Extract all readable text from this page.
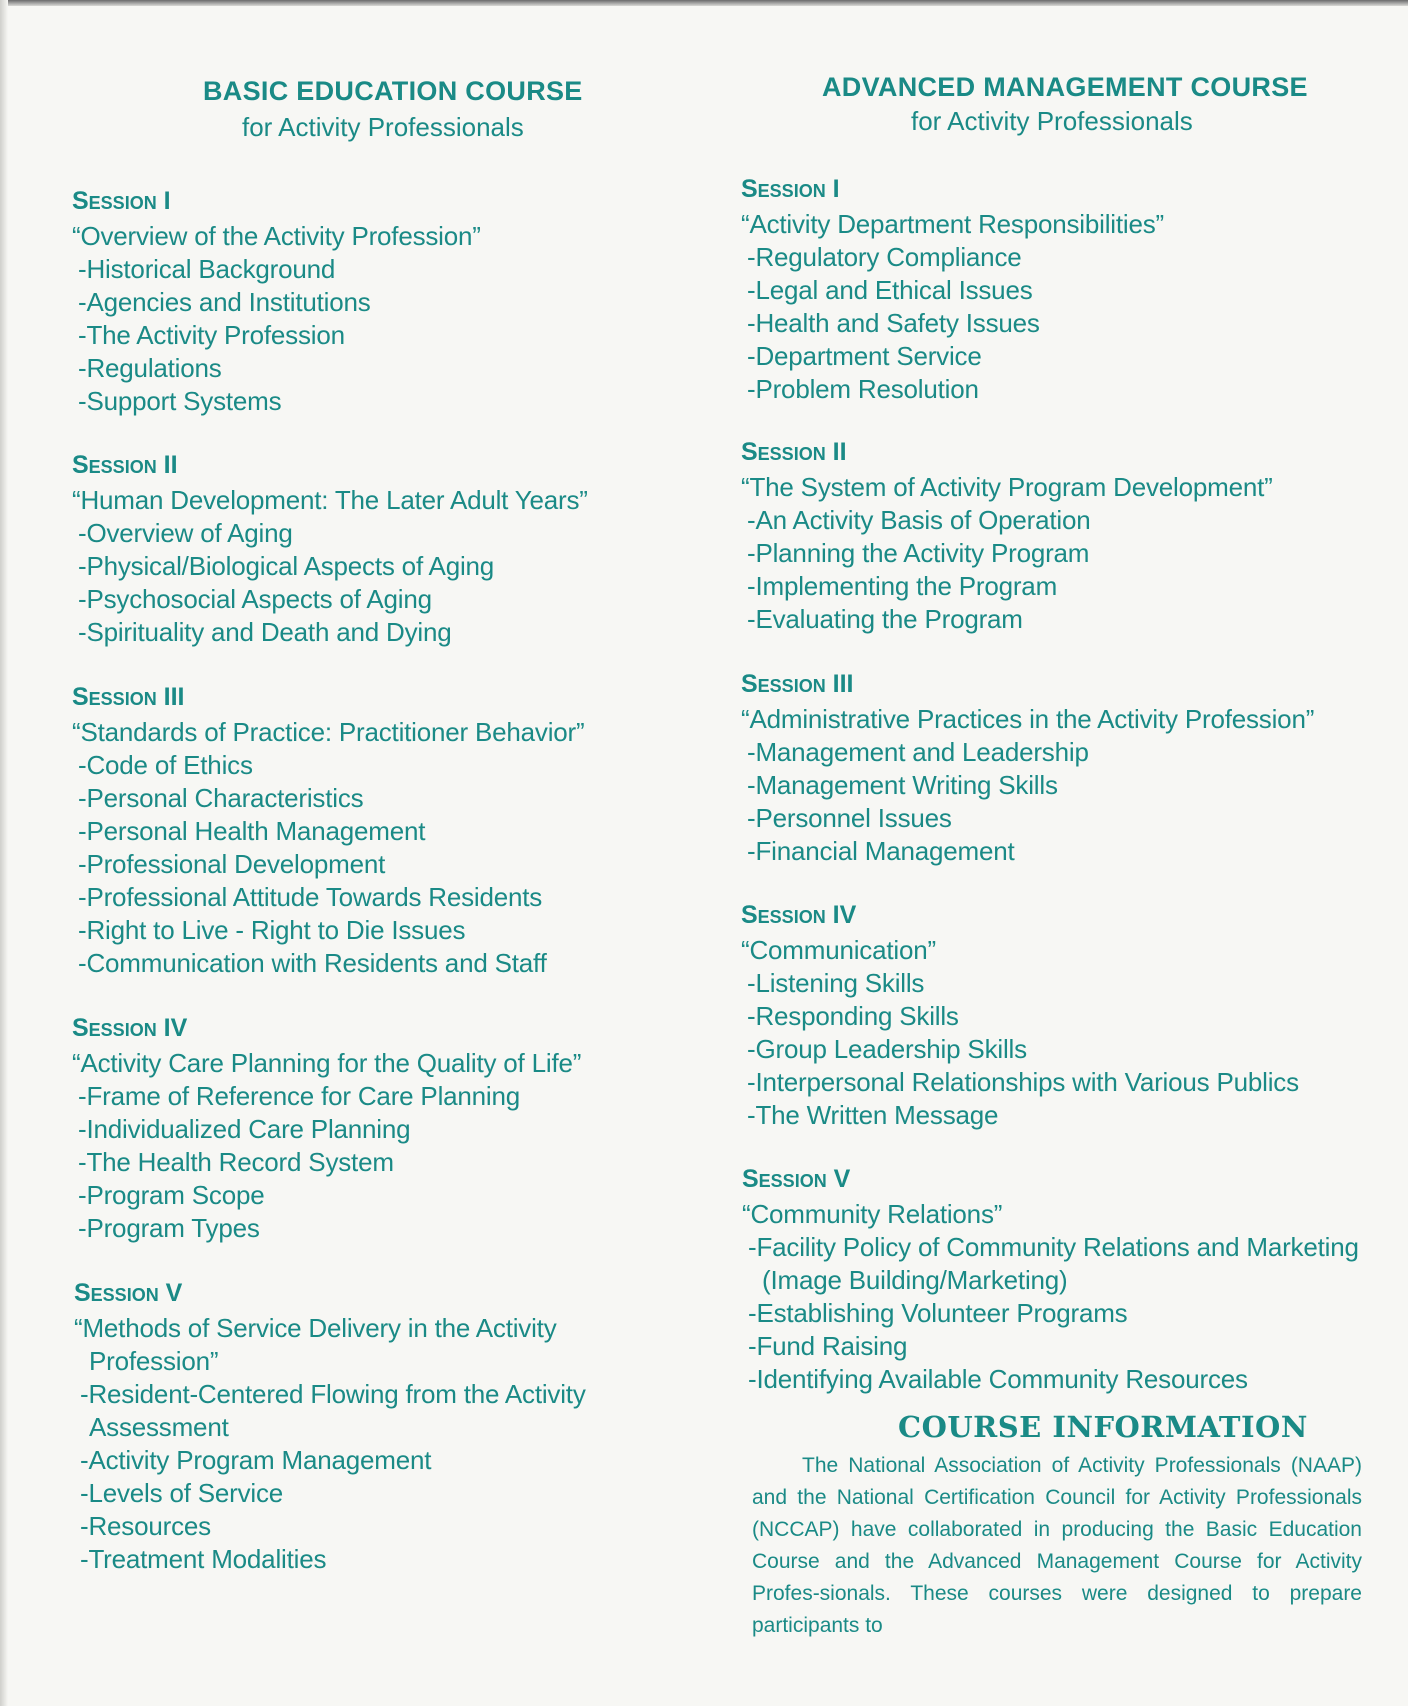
BASIC EDUCATION COURSE
for Activity Professionals
Session I
“Overview of the Activity Profession”
-Historical Background
-Agencies and Institutions
-The Activity Profession
-Regulations
-Support Systems
Session II
“Human Development: The Later Adult Years”
-Overview of Aging
-Physical/Biological Aspects of Aging
-Psychosocial Aspects of Aging
-Spirituality and Death and Dying
Session III
“Standards of Practice: Practitioner Behavior”
-Code of Ethics
-Personal Characteristics
-Personal Health Management
-Professional Development
-Professional Attitude Towards Residents
-Right to Live - Right to Die Issues
-Communication with Residents and Staff
Session IV
“Activity Care Planning for the Quality of Life”
-Frame of Reference for Care Planning
-Individualized Care Planning
-The Health Record System
-Program Scope
-Program Types
Session V
“Methods of Service Delivery in the Activity
Profession”
-Resident-Centered Flowing from the Activity
Assessment
-Activity Program Management
-Levels of Service
-Resources
-Treatment Modalities
ADVANCED MANAGEMENT COURSE
for Activity Professionals
Session I
“Activity Department Responsibilities”
-Regulatory Compliance
-Legal and Ethical Issues
-Health and Safety Issues
-Department Service
-Problem Resolution
Session II
“The System of Activity Program Development”
-An Activity Basis of Operation
-Planning the Activity Program
-Implementing the Program
-Evaluating the Program
Session III
“Administrative Practices in the Activity Profession”
-Management and Leadership
-Management Writing Skills
-Personnel Issues
-Financial Management
Session IV
“Communication”
-Listening Skills
-Responding Skills
-Group Leadership Skills
-Interpersonal Relationships with Various Publics
-The Written Message
Session V
“Community Relations”
-Facility Policy of Community Relations and Marketing
(Image Building/Marketing)
-Establishing Volunteer Programs
-Fund Raising
-Identifying Available Community Resources
COURSE INFORMATION

The National Association of Activity Professionals (NAAP) and the National Certification Council for Activity Professionals (NCCAP) have collaborated in producing the Basic Education Course and the Advanced Management Course for Activity Profes-sionals. These courses were designed to prepare participants to
